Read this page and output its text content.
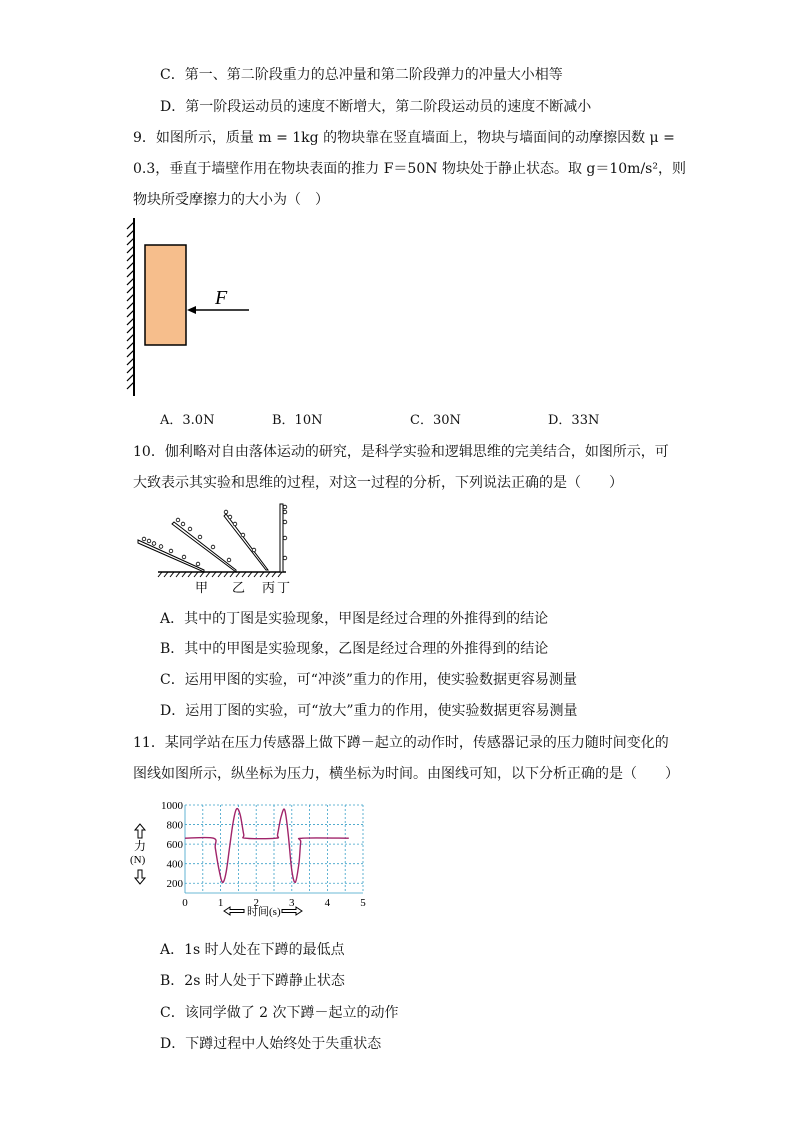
C．第一、第二阶段重力的总冲量和第二阶段弹力的冲量大小相等
D．第一阶段运动员的速度不断增大，第二阶段运动员的速度不断减小
9．如图所示，质量 m = 1kg 的物块靠在竖直墙面上，物块与墙面间的动摩擦因数 μ =
0.3，垂直于墙壁作用在物块表面的推力 F＝50N 物块处于静止状态。取 g＝10m/s²，则
物块所受摩擦力的大小为（　）
F
A．3.0N	B．10N	C．30N	D．33N
10．伽利略对自由落体运动的研究，是科学实验和逻辑思维的完美结合，如图所示，可
大致表示其实验和思维的过程，对这一过程的分析，下列说法正确的是（　　）
甲 乙 丙 丁
A．其中的丁图是实验现象，甲图是经过合理的外推得到的结论
B．其中的甲图是实验现象，乙图是经过合理的外推得到的结论
C．运用甲图的实验，可“冲淡”重力的作用，使实验数据更容易测量
D．运用丁图的实验，可“放大”重力的作用，使实验数据更容易测量
11．某同学站在压力传感器上做下蹲－起立的动作时，传感器记录的压力随时间变化的
图线如图所示，纵坐标为压力，横坐标为时间。由图线可知，以下分析正确的是（　　）
200
400
600
800
1000
0	1	2	3	4	5
力
(N)
时间(s)
A．1s 时人处在下蹲的最低点
B．2s 时人处于下蹲静止状态
C．该同学做了 2 次下蹲－起立的动作
D．下蹲过程中人始终处于失重状态
